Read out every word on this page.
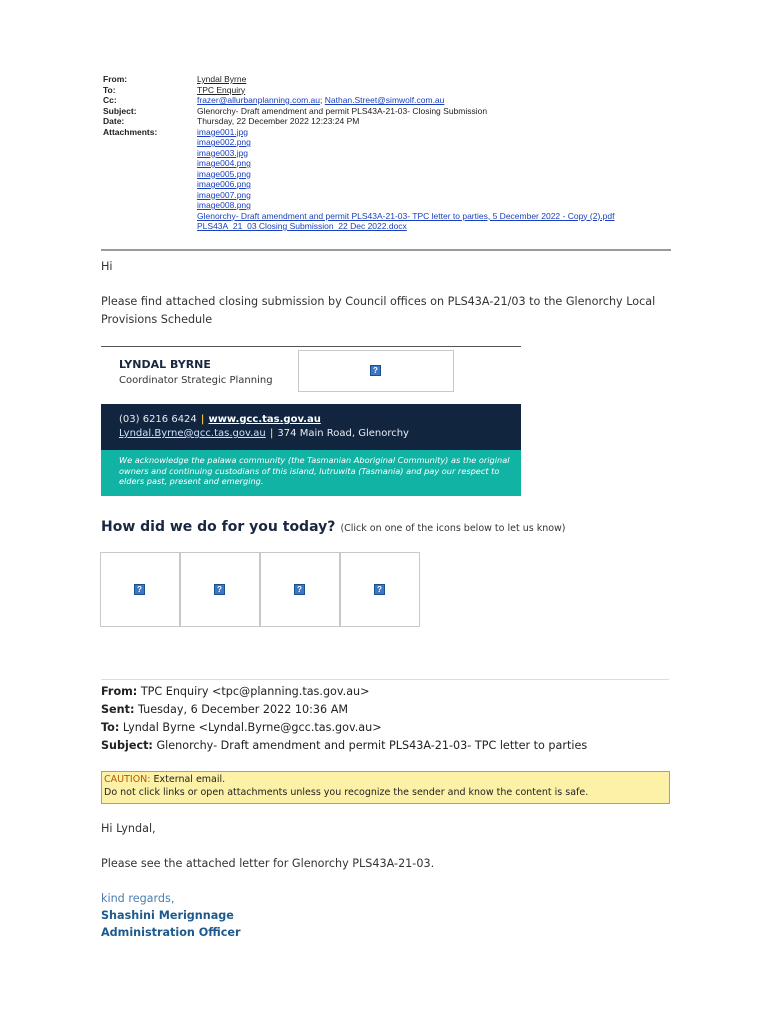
From:	Lyndal Byrne
To:	TPC Enquiry
Cc:	frazer@allurbanplanning.com.au; Nathan.Street@simwolf.com.au
Subject:	Glenorchy- Draft amendment and permit PLS43A-21-03- Closing Submission
Date:	Thursday, 22 December 2022 12:23:24 PM
Attachments:	image001.jpg
image002.png
image003.jpg
image004.png
image005.png
image006.png
image007.png
image008.png
Glenorchy- Draft amendment and permit PLS43A-21-03- TPC letter to parties, 5 December 2022 - Copy (2).pdf
PLS43A_21_03 Closing Submission_22 Dec 2022.docx
Hi
Please find attached closing submission by Council offices on PLS43A-21/03 to the Glenorchy Local
Provisions Schedule
LYNDAL BYRNE
Coordinator Strategic Planning
?
(03) 6216 6424 | www.gcc.tas.gov.au
Lyndal.Byrne@gcc.tas.gov.au | 374 Main Road, Glenorchy
We acknowledge the palawa community (the Tasmanian Aboriginal Community) as the original owners and continuing custodians of this island, lutruwita (Tasmania) and pay our respect to elders past, present and emerging.
How did we do for you today? (Click on one of the icons below to let us know)
?	?	?	?
From: TPC Enquiry <tpc@planning.tas.gov.au>
Sent: Tuesday, 6 December 2022 10:36 AM
To: Lyndal Byrne <Lyndal.Byrne@gcc.tas.gov.au>
Subject: Glenorchy- Draft amendment and permit PLS43A-21-03- TPC letter to parties
CAUTION: External email.
Do not click links or open attachments unless you recognize the sender and know the content is safe.
Hi Lyndal,
Please see the attached letter for Glenorchy PLS43A-21-03.
kind regards,
Shashini Merignnage
Administration Officer
